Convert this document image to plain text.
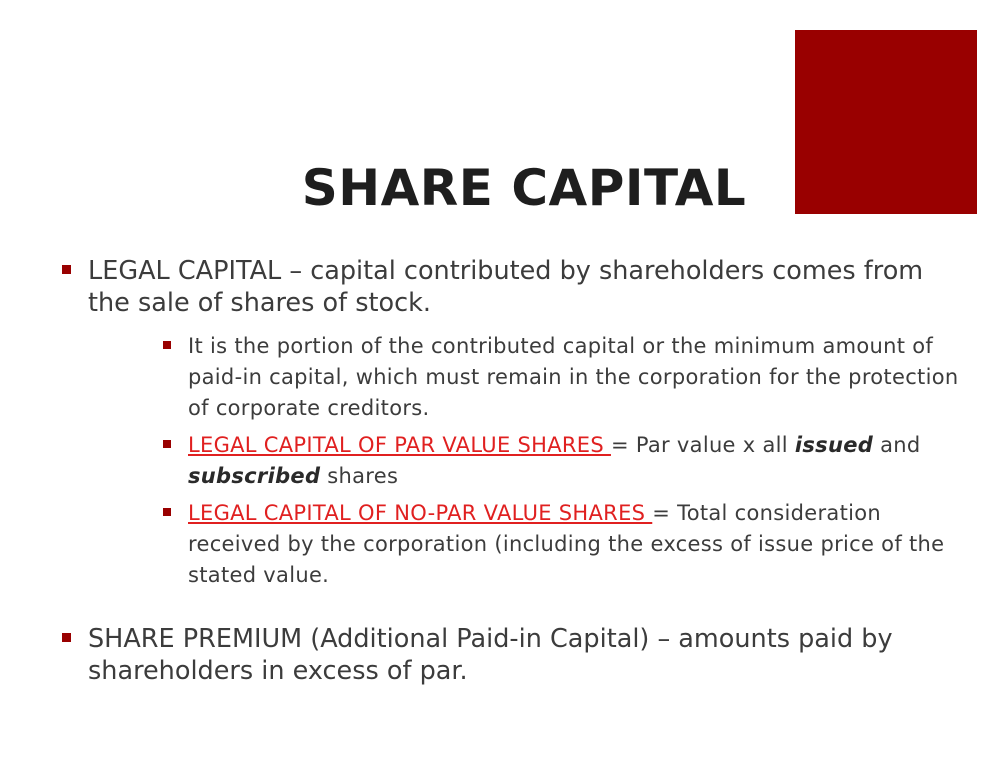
SHARE CAPITAL
LEGAL CAPITAL – capital contributed by shareholders comes from the sale of shares of stock.
It is the portion of the contributed capital or the minimum amount of paid-in capital, which must remain in the corporation for the protection of corporate creditors.
LEGAL CAPITAL OF PAR VALUE SHARES = Par value x all issued and subscribed shares
LEGAL CAPITAL OF NO-PAR VALUE SHARES = Total consideration received by the corporation (including the excess of issue price of the stated value.
SHARE PREMIUM (Additional Paid-in Capital) – amounts paid by shareholders in excess of par.
